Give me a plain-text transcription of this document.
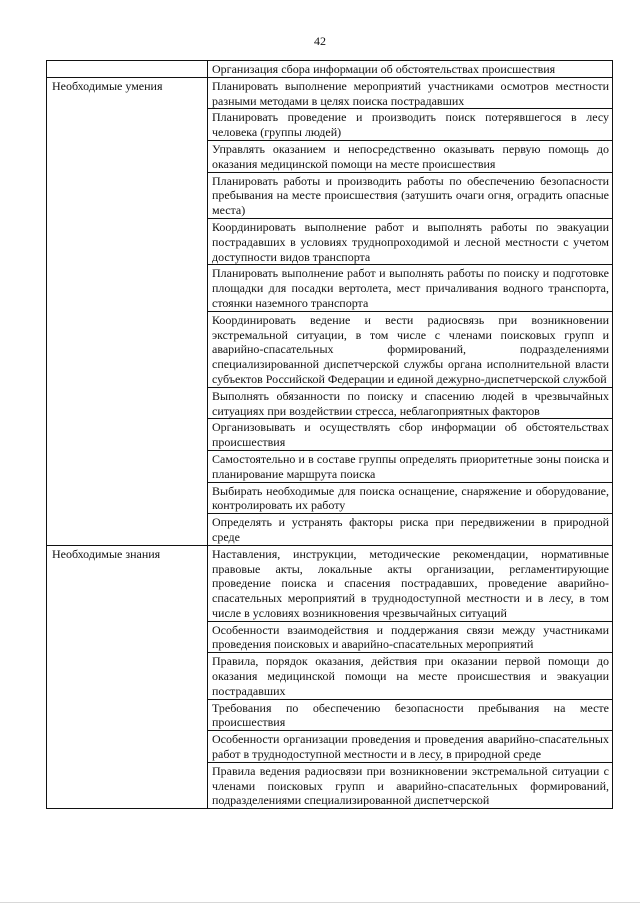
42
	Организация сбора информации об обстоятельствах происшествия
Необходимые умения	Планировать выполнение мероприятий участниками осмотров местности разными методами в целях поиска пострадавших
	Планировать проведение и производить поиск потерявшегося в лесу человека (группы людей)
	Управлять оказанием и непосредственно оказывать первую помощь до оказания медицинской помощи на месте происшествия
	Планировать работы и производить работы по обеспечению безопасности пребывания на месте происшествия (затушить очаги огня, оградить опасные места)
	Координировать выполнение работ и выполнять работы по эвакуации пострадавших в условиях труднопроходимой и лесной местности с учетом доступности видов транспорта
	Планировать выполнение работ и выполнять работы по поиску и подготовке площадки для посадки вертолета, мест причаливания водного транспорта, стоянки наземного транспорта
	Координировать ведение и вести радиосвязь при возникновении экстремальной ситуации, в том числе с членами поисковых групп и аварийно-спасательных формирований, подразделениями специализированной диспетчерской службы органа исполнительной власти субъектов Российской Федерации и единой дежурно-диспетчерской службой
	Выполнять обязанности по поиску и спасению людей в чрезвычайных ситуациях при воздействии стресса, неблагоприятных факторов
	Организовывать и осуществлять сбор информации об обстоятельствах происшествия
	Самостоятельно и в составе группы определять приоритетные зоны поиска и планирование маршрута поиска
	Выбирать необходимые для поиска оснащение, снаряжение и оборудование, контролировать их работу
	Определять и устранять факторы риска при передвижении в природной среде
Необходимые знания	Наставления, инструкции, методические рекомендации, нормативные правовые акты, локальные акты организации, регламентирующие проведение поиска и спасения пострадавших, проведение аварийно-спасательных мероприятий в труднодоступной местности и в лесу, в том числе в условиях возникновения чрезвычайных ситуаций
	Особенности взаимодействия и поддержания связи между участниками проведения поисковых и аварийно-спасательных мероприятий
	Правила, порядок оказания, действия при оказании первой помощи до оказания медицинской помощи на месте происшествия и эвакуации пострадавших
	Требования по обеспечению безопасности пребывания на месте происшествия
	Особенности организации проведения и проведения аварийно-спасательных работ в труднодоступной местности и в лесу, в природной среде
	Правила ведения радиосвязи при возникновении экстремальной ситуации с членами поисковых групп и аварийно-спасательных формирований, подразделениями специализированной диспетчерской
